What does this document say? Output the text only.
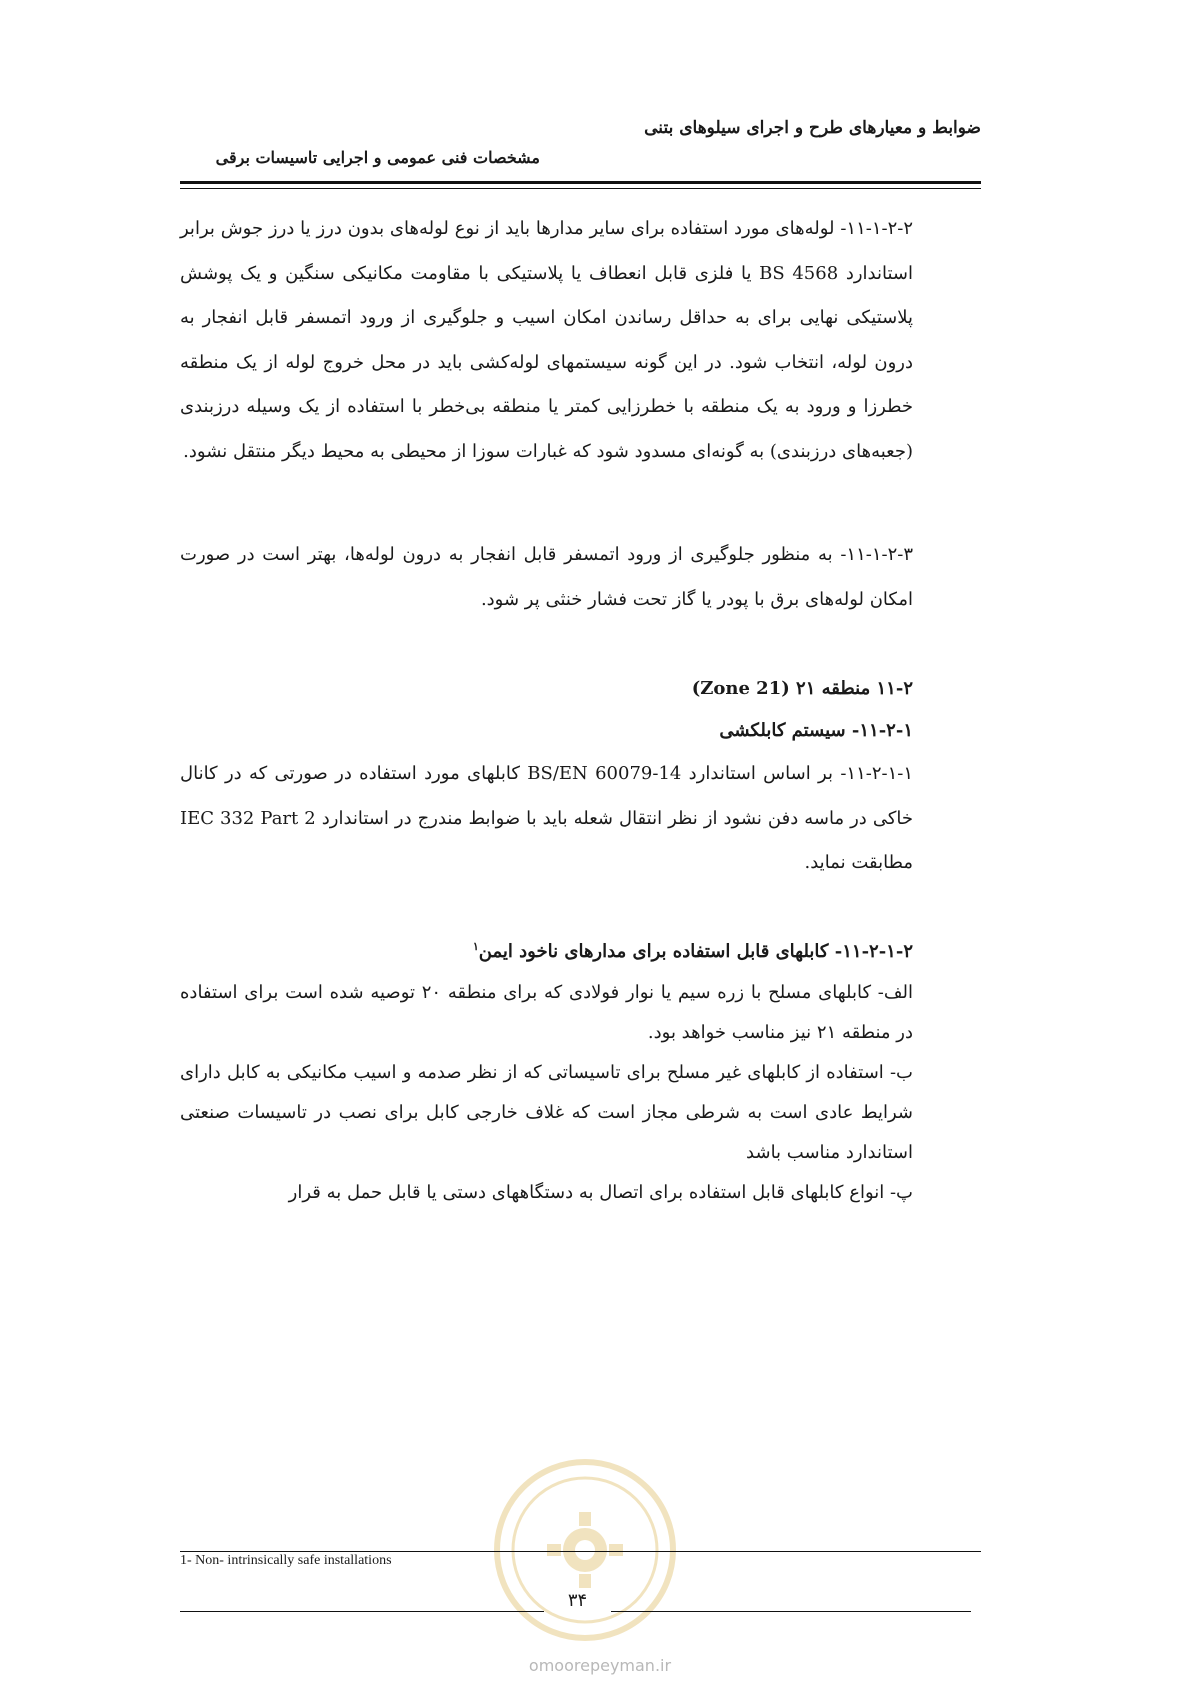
ضوابط و معیارهای طرح و اجرای سیلوهای بتنی
مشخصات فنی عمومی و اجرایی تاسیسات برقی

۱۱-۱-۲-۲- لوله‌های مورد استفاده برای سایر مدارها باید از نوع لوله‌های بدون درز یا درز جوش برابر استاندارد BS 4568 یا فلزی قابل انعطاف یا پلاستیکی با مقاومت مکانیکی سنگین و یک پوشش پلاستیکی نهایی برای به حداقل رساندن امکان اسیب و جلوگیری از ورود اتمسفر قابل انفجار به درون لوله، انتخاب شود. در این گونه سیستمهای لوله‌کشی باید در محل خروج لوله از یک منطقه خطرزا و ورود به یک منطقه با خطرزایی کمتر یا منطقه بی‌خطر با استفاده از یک وسیله درزبندی (جعبه‌های درزبندی) به گونه‌ای مسدود شود که غبارات سوزا از محیطی به محیط دیگر منتقل نشود.

۱۱-۱-۲-۳- به منظور جلوگیری از ورود اتمسفر قابل انفجار به درون لوله‌ها، بهتر است در صورت امکان لوله‌های برق با پودر یا گاز تحت فشار خنثی پر شود.

۱۱-۲ منطقه ۲۱ (Zone 21)

۱۱-۲-۱- سیستم کابلکشی

۱۱-۲-۱-۱- بر اساس استاندارد BS/EN 60079-14 کابلهای مورد استفاده در صورتی که در کانال خاکی در ماسه دفن نشود از نظر انتقال شعله باید با ضوابط مندرج در استاندارد IEC 332 Part 2 مطابقت نماید.

۱۱-۲-۱-۲- کابلهای قابل استفاده برای مدارهای ناخود ایمن$^۱$

الف- کابلهای مسلح با زره سیم یا نوار فولادی که برای منطقه ۲۰ توصیه شده است برای استفاده در منطقه ۲۱ نیز مناسب خواهد بود.

ب- استفاده از کابلهای غیر مسلح برای تاسیساتی که از نظر صدمه و اسیب مکانیکی به کابل دارای شرایط عادی است به شرطی مجاز است که غلاف خارجی کابل برای نصب در تاسیسات صنعتی استاندارد مناسب باشد

پ- انواع کابلهای قابل استفاده برای اتصال به دستگاههای دستی یا قابل حمل به قرار

1- Non- intrinsically safe installations
۳۴
omoorepeyman.ir
